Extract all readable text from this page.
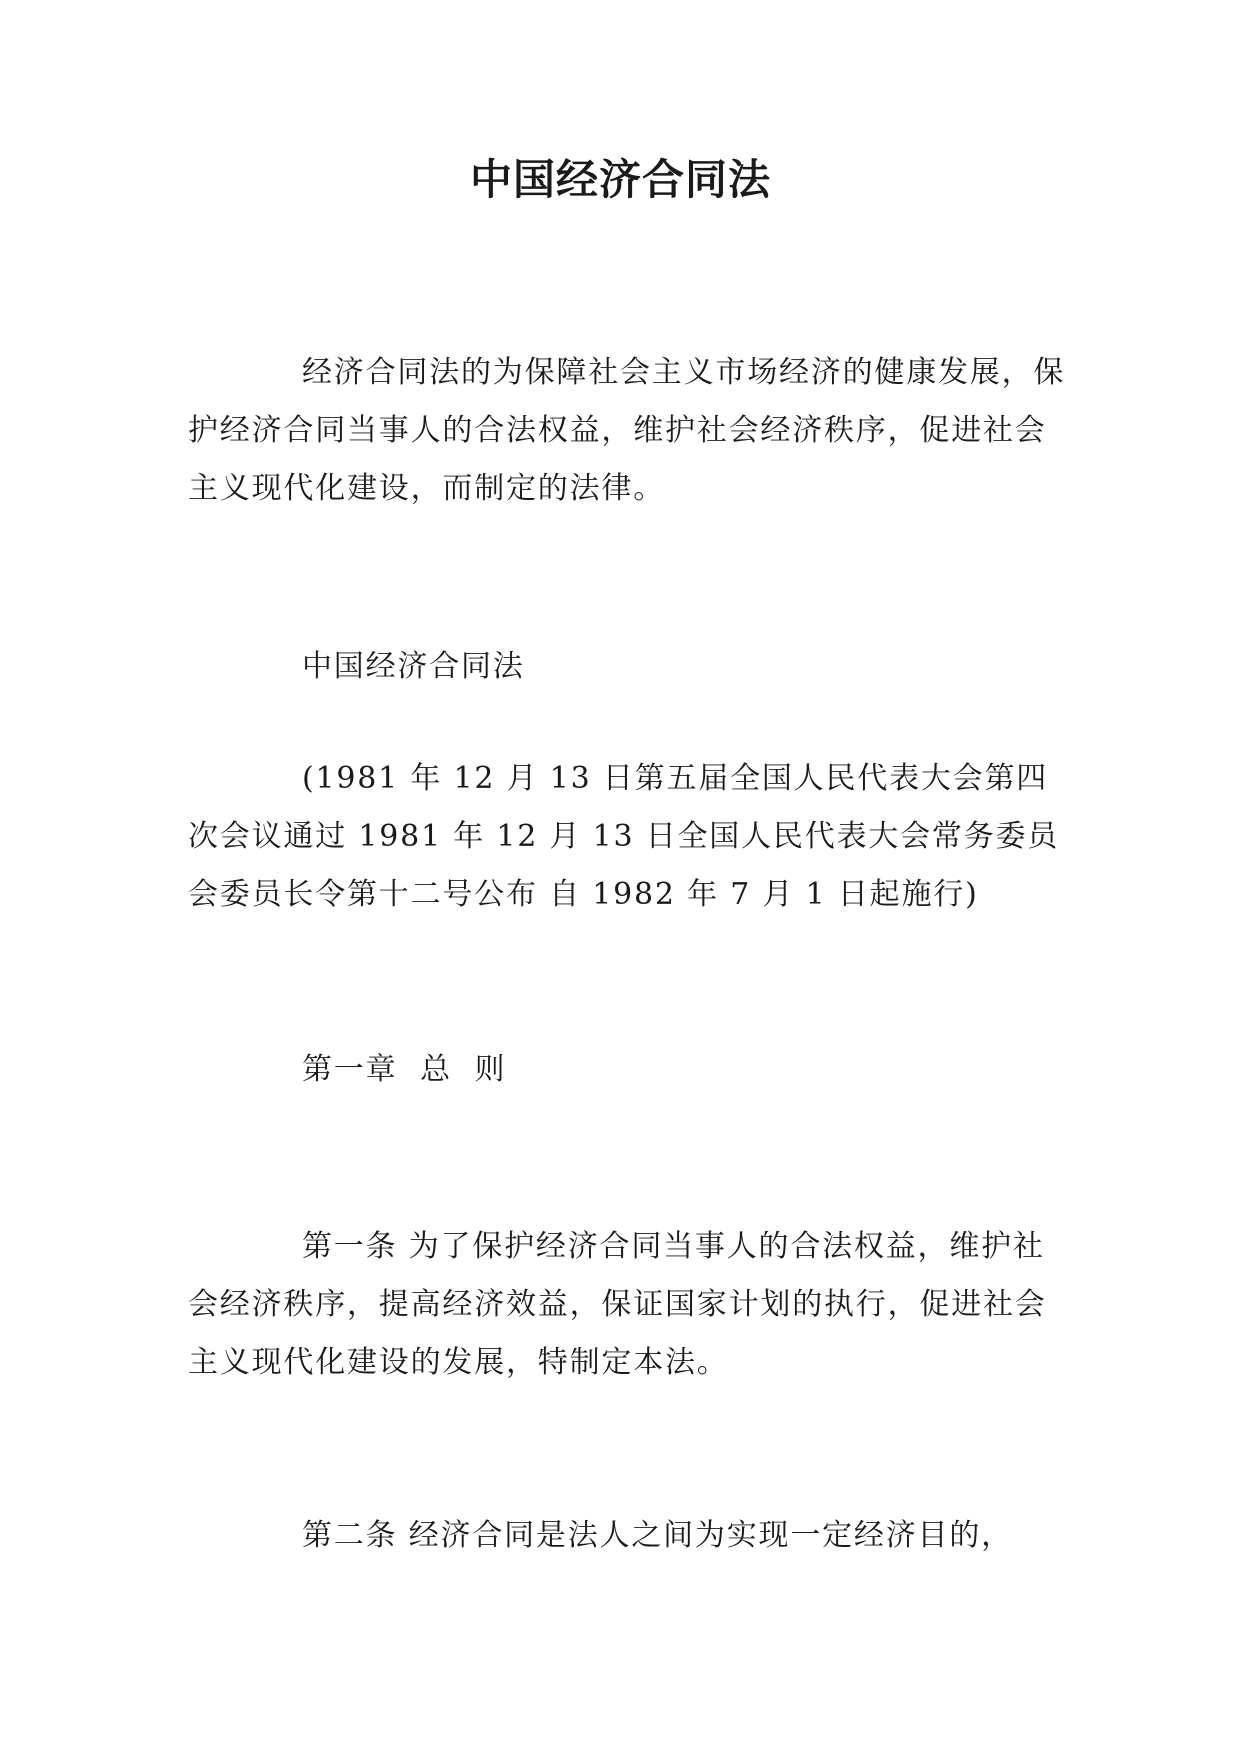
中国经济合同法

经济合同法的为保障社会主义市场经济的健康发展，保护经济合同当事人的合法权益，维护社会经济秩序，促进社会主义现代化建设，而制定的法律。

中国经济合同法

(1981 年 12 月 13 日第五届全国人民代表大会第四次会议通过 1981 年 12 月 13 日全国人民代表大会常务委员会委员长令第十二号公布 自 1982 年 7 月 1 日起施行)

第一章  总  则

第一条 为了保护经济合同当事人的合法权益，维护社会经济秩序，提高经济效益，保证国家计划的执行，促进社会主义现代化建设的发展，特制定本法。

第二条 经济合同是法人之间为实现一定经济目的，
